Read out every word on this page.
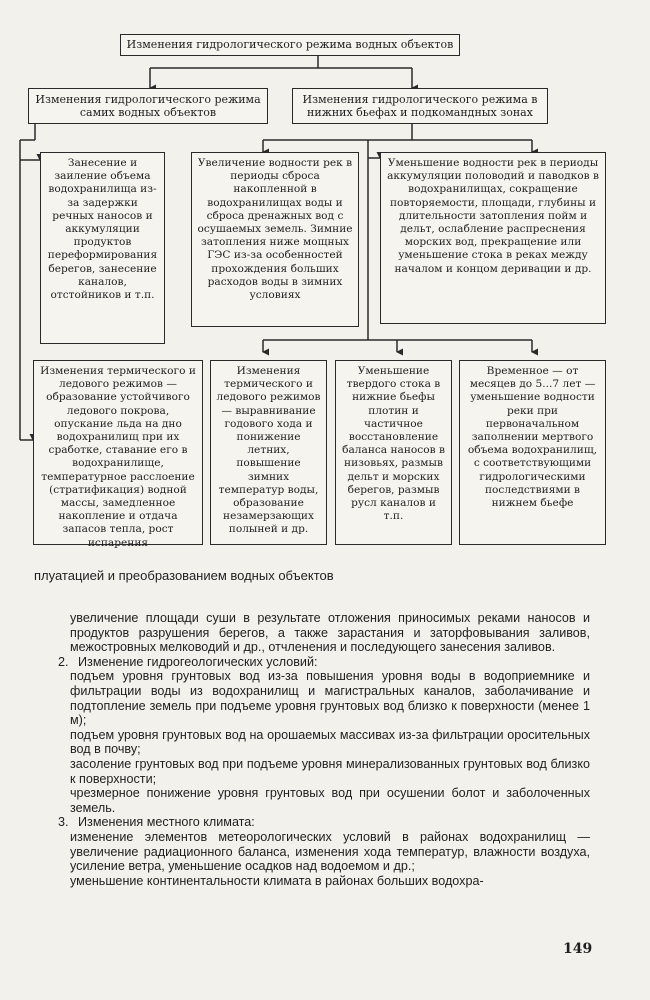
Изменения гидрологического режима водных объектов
Изменения гидрологического режима самих водных объектов
Изменения гидрологического режима в нижних бьефах и подкомандных зонах
Занесение и заиление объема водохранилища из-за задержки речных наносов и аккумуляции продуктов переформирования берегов, занесение каналов, отстойников и т.п.
Увеличение водности рек в периоды сброса накопленной в водохранилищах воды и сброса дренажных вод с осушаемых земель. Зимние затопления ниже мощных ГЭС из-за особенностей прохождения больших расходов воды в зимних условиях
Уменьшение водности рек в периоды аккумуляции половодий и паводков в водохранилищах, сокращение повторяемости, площади, глубины и длительности затопления пойм и дельт, ослабление распреснения морских вод, прекращение или уменьшение стока в реках между началом и концом деривации и др.
Изменения термического и ледового режимов — образование устойчивого ледового покрова, опускание льда на дно водохранилищ при их сработке, ставание его в водохранилище, температурное расслоение (стратификация) водной массы, замедленное накопление и отдача запасов тепла, рост испарения
Изменения термического и ледового режимов — выравнивание годового хода и понижение летних, повышение зимних температур воды, образование незамерзающих полыней и др.
Уменьшение твердого стока в нижние бьефы плотин и частичное восстановление баланса наносов в низовьях, размыв дельт и морских берегов, размыв русл каналов и т.п.
Временное — от месяцев до 5...7 лет — уменьшение водности реки при первоначальном заполнении мертвого объема водохранилищ, с соответствующими гидрологическими последствиями в нижнем бьефе
плуатацией и преобразованием водных объектов

увеличение площади суши в результате отложения приносимых реками наносов и продуктов разрушения берегов, а также зарастания и заторфовывания заливов, межостровных мелководий и др., отчленения и последующего занесения заливов.

2. Изменение гидрогеологических условий:

подъем уровня грунтовых вод из-за повышения уровня воды в водоприемнике и фильтрации воды из водохранилищ и магистральных каналов, заболачивание и подтопление земель при подъеме уровня грунтовых вод близко к поверхности (менее 1 м);

подъем уровня грунтовых вод на орошаемых массивах из-за фильтрации оросительных вод в почву;

засоление грунтовых вод при подъеме уровня минерализованных грунтовых вод близко к поверхности;

чрезмерное понижение уровня грунтовых вод при осушении болот и заболоченных земель.

3. Изменения местного климата:

изменение элементов метеорологических условий в районах водохранилищ — увеличение радиационного баланса, изменения хода температур, влажности воздуха, усиление ветра, уменьшение осадков над водоемом и др.;

уменьшение континентальности климата в районах больших водохра-

149
